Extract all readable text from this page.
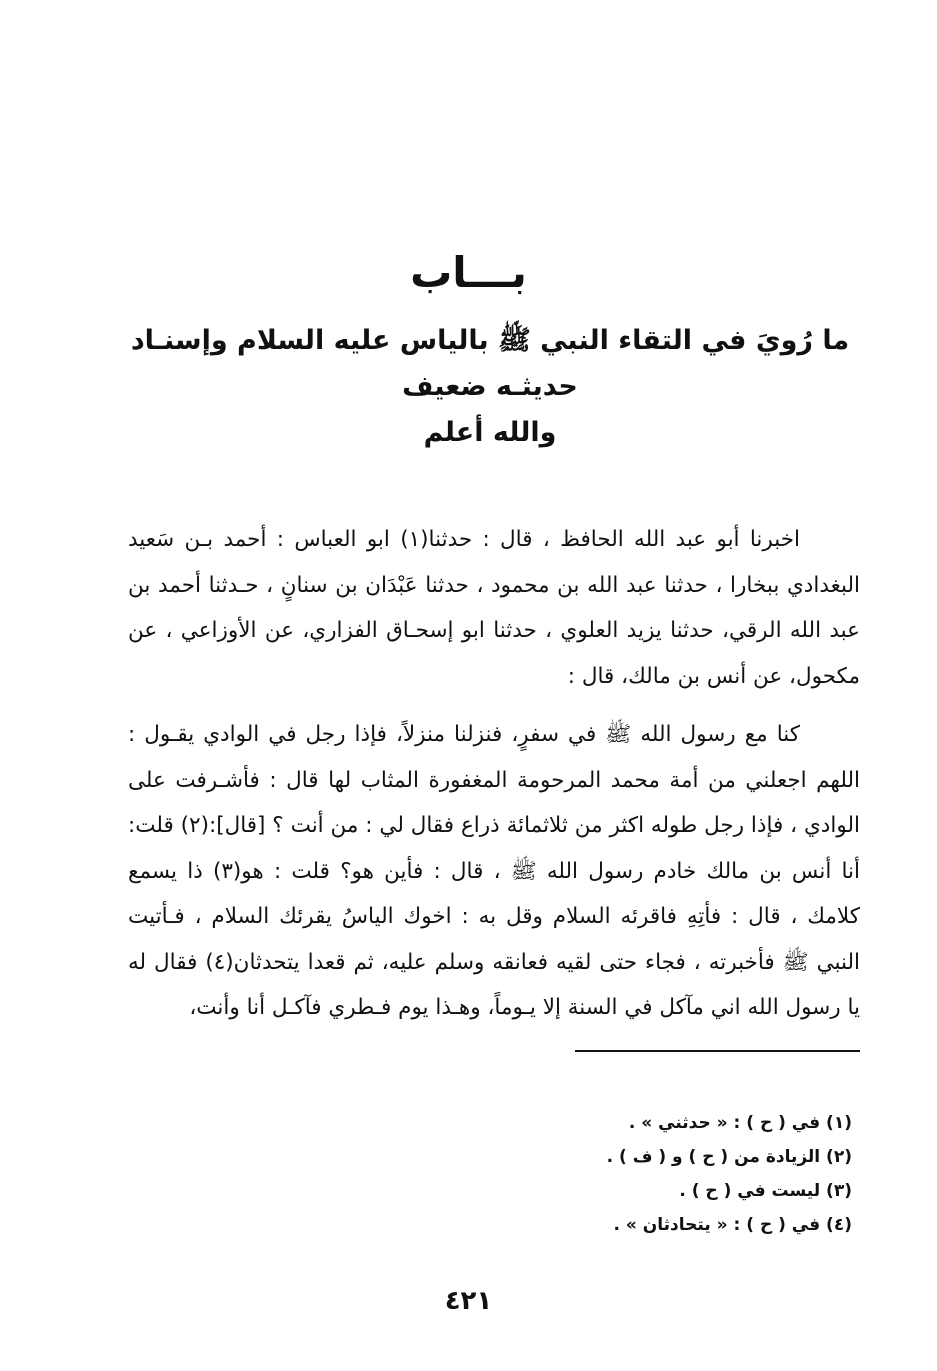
بـــاب
ما رُويَ في التقاء النبي ﷺ بالياس عليه السلام وإسنـاد حديثـه ضعيف
والله أعلم
اخبرنا أبو عبد الله الحافظ ، قال : حدثنا(١) ابو العباس : أحمد بـن سَعيد البغدادي ببخارا ، حدثنا عبد الله بن محمود ، حدثنا عَبْدَان بن سنانٍ ، حـدثنا أحمد بن عبد الله الرقي، حدثنا يزيد العلوي ، حدثنا ابو إسحـاق الفزاري، عن الأوزاعي ، عن مكحول، عن أنس بن مالك، قال :
كنا مع رسول الله ﷺ في سفرٍ، فنزلنا منزلاً، فإذا رجل في الوادي يقـول : اللهم اجعلني من أمة محمد المرحومة المغفورة المثاب لها قال : فأشـرفت على الوادي ، فإذا رجل طوله اكثر من ثلاثمائة ذراع فقال لي : من أنت ؟ [قال]:(٢) قلت: أنا أنس بن مالك خادم رسول الله ﷺ ، قال : فأين هو؟ قلت : هو(٣) ذا يسمع كلامك ، قال : فأتِهِ فاقرئه السلام وقل به : اخوك الياسُ يقرئك السلام ، فـأتيت النبي ﷺ فأخبرته ، فجاء حتى لقيه فعانقه وسلم عليه، ثم قعدا يتحدثان(٤) فقال له يا رسول الله اني مآكل في السنة إلا يـوماً، وهـذا يوم فـطري فآكـل أنا وأنت،
(١) في ( ح ) : « حدثني » .
(٢) الزيادة من ( ح ) و ( ف ) .
(٣) ليست في ( ح ) .
(٤) في ( ح ) : « يتحادثان » .
٤٢١
